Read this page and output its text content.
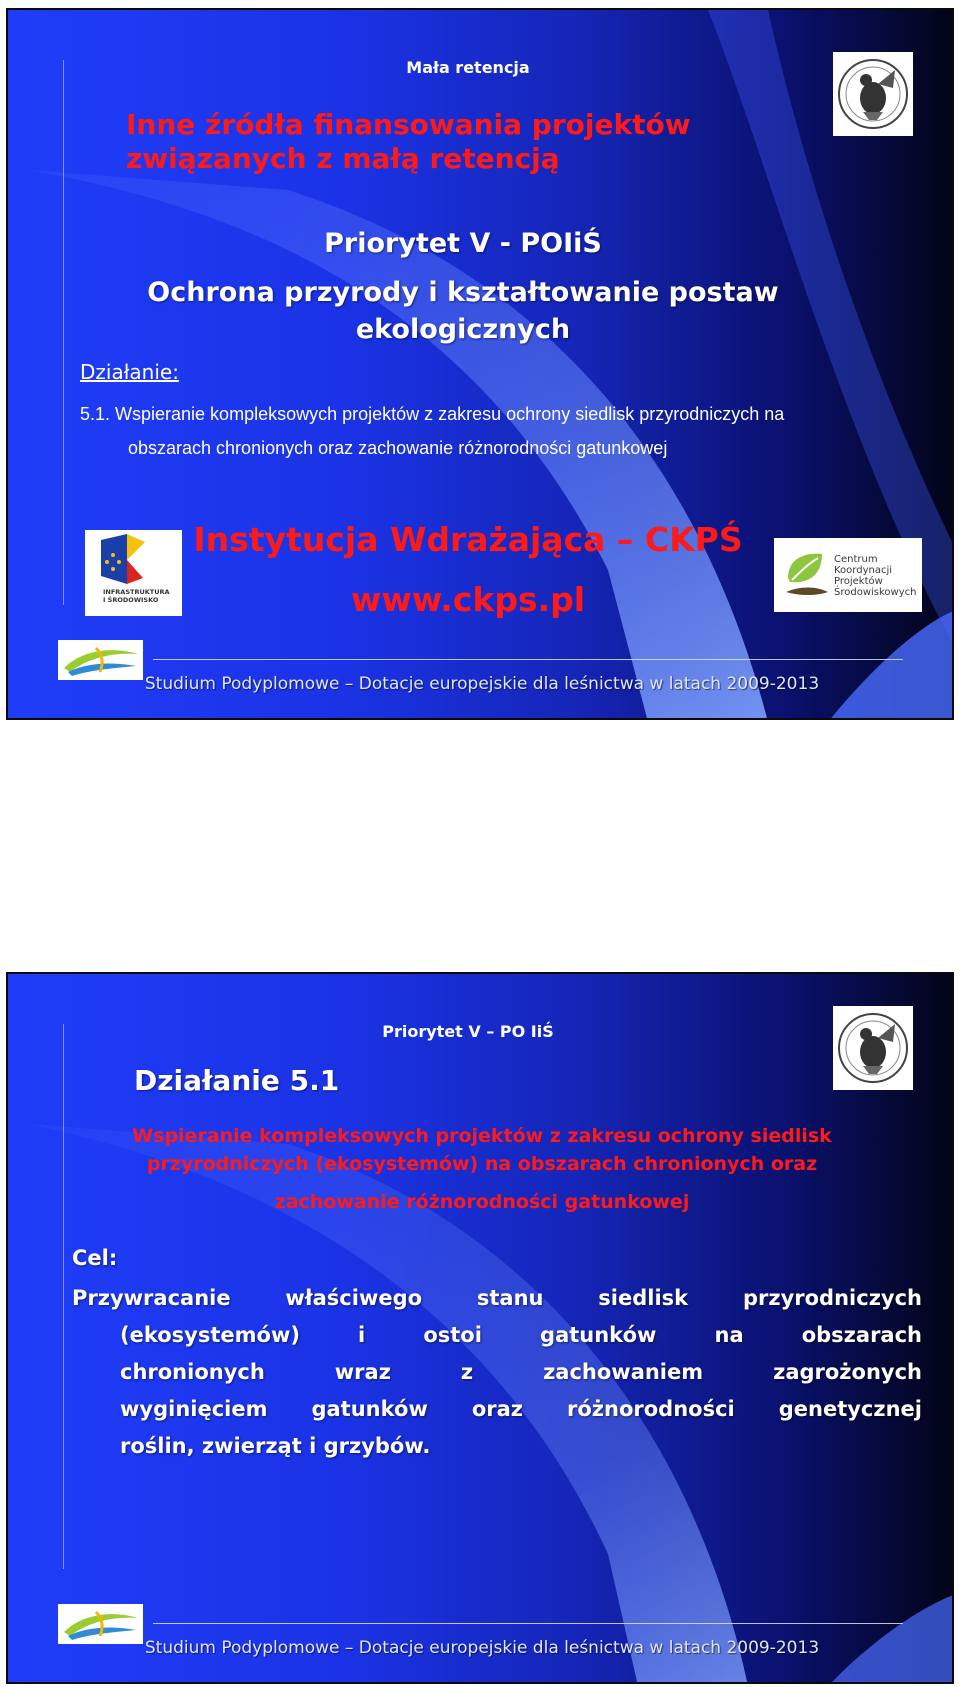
Mała retencja
Inne źródła finansowania projektów
związanych z małą retencją
Priorytet V - POIiŚ
Ochrona przyrody i kształtowanie postaw
ekologicznych
Działanie:
5.1. Wspieranie kompleksowych projektów z zakresu ochrony siedlisk przyrodniczych na
obszarach chronionych oraz zachowanie różnorodności gatunkowej
INFRASTRUKTURA
I ŚRODOWISKO
Instytucja Wdrażająca – CKPŚ
www.ckps.pl
Centrum
Koordynacji
Projektów
Środowiskowych
Studium Podyplomowe – Dotacje europejskie dla leśnictwa w latach 2009-2013
Priorytet V – PO IiŚ
Działanie 5.1
Wspieranie kompleksowych projektów z zakresu ochrony siedlisk
przyrodniczych (ekosystemów) na obszarach chronionych oraz
zachowanie różnorodności gatunkowej
Cel:
Przywracanie właściwego stanu siedlisk przyrodniczych
(ekosystemów) i ostoi gatunków na obszarach
chronionych wraz z zachowaniem zagrożonych
wyginięciem gatunków oraz różnorodności genetycznej
roślin, zwierząt i grzybów.
Studium Podyplomowe – Dotacje europejskie dla leśnictwa w latach 2009-2013
